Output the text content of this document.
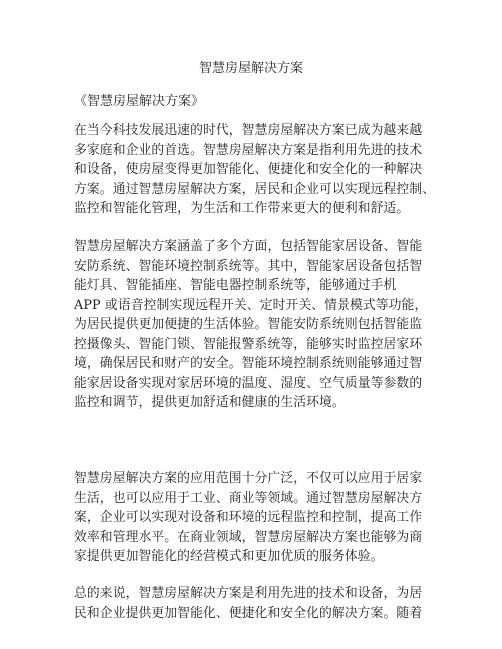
智慧房屋解决方案

《智慧房屋解决方案》

在当今科技发展迅速的时代，智慧房屋解决方案已成为越来越
多家庭和企业的首选。智慧房屋解决方案是指利用先进的技术
和设备，使房屋变得更加智能化、便捷化和安全化的一种解决
方案。通过智慧房屋解决方案，居民和企业可以实现远程控制、
监控和智能化管理，为生活和工作带来更大的便利和舒适。

智慧房屋解决方案涵盖了多个方面，包括智能家居设备、智能
安防系统、智能环境控制系统等。其中，智能家居设备包括智
能灯具、智能插座、智能电器控制系统等，能够通过手机
APP 或语音控制实现远程开关、定时开关、情景模式等功能，
为居民提供更加便捷的生活体验。智能安防系统则包括智能监
控摄像头、智能门锁、智能报警系统等，能够实时监控居家环
境，确保居民和财产的安全。智能环境控制系统则能够通过智
能家居设备实现对家居环境的温度、湿度、空气质量等参数的
监控和调节，提供更加舒适和健康的生活环境。

智慧房屋解决方案的应用范围十分广泛，不仅可以应用于居家
生活，也可以应用于工业、商业等领域。通过智慧房屋解决方
案，企业可以实现对设备和环境的远程监控和控制，提高工作
效率和管理水平。在商业领域，智慧房屋解决方案也能够为商
家提供更加智能化的经营模式和更加优质的服务体验。

总的来说，智慧房屋解决方案是利用先进的技术和设备，为居
民和企业提供更加智能化、便捷化和安全化的解决方案。随着
